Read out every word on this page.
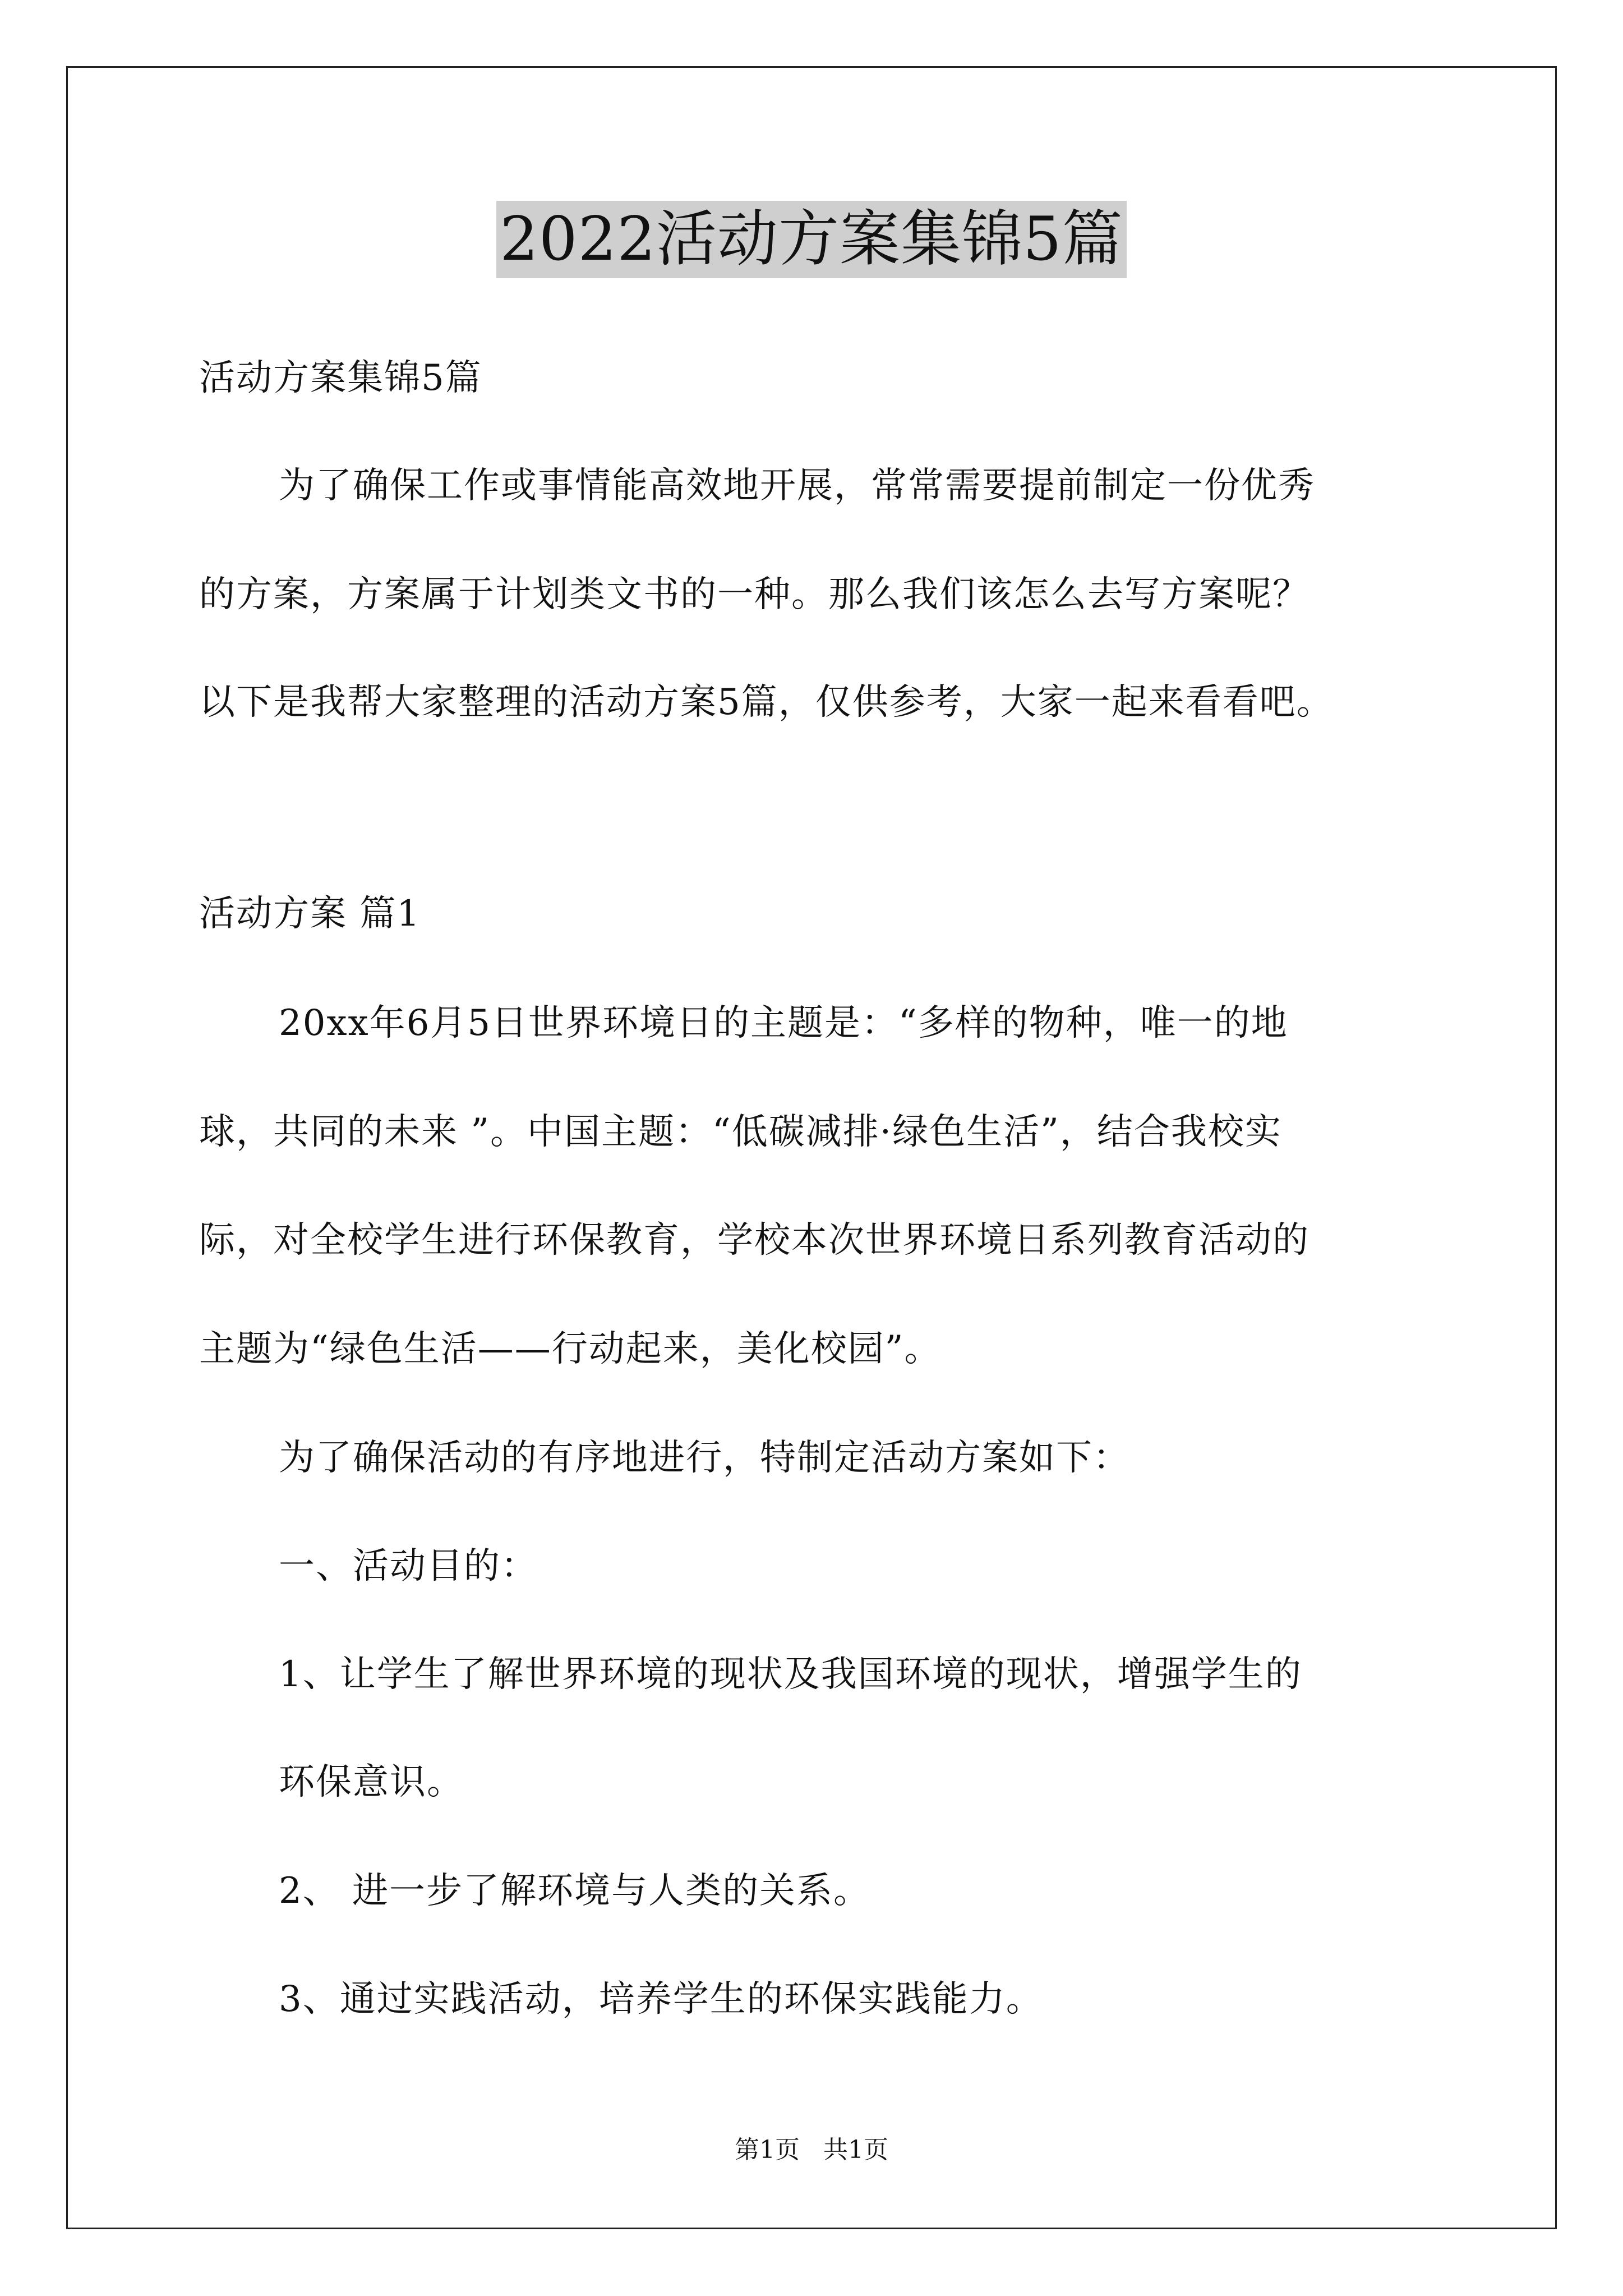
2022活动方案集锦5篇
活动方案集锦5篇
为了确保工作或事情能高效地开展，常常需要提前制定一份优秀
的方案，方案属于计划类文书的一种。那么我们该怎么去写方案呢？
以下是我帮大家整理的活动方案5篇，仅供参考，大家一起来看看吧。
活动方案 篇1
20xx年6月5日世界环境日的主题是：“多样的物种，唯一的地
球，共同的未来 ”。中国主题：“低碳减排·绿色生活”，结合我校实
际，对全校学生进行环保教育，学校本次世界环境日系列教育活动的
主题为“绿色生活——行动起来，美化校园”。
为了确保活动的有序地进行，特制定活动方案如下：
一、活动目的：
1、让学生了解世界环境的现状及我国环境的现状，增强学生的
环保意识。
2、 进一步了解环境与人类的关系。
3、通过实践活动，培养学生的环保实践能力。
第1页   共1页
